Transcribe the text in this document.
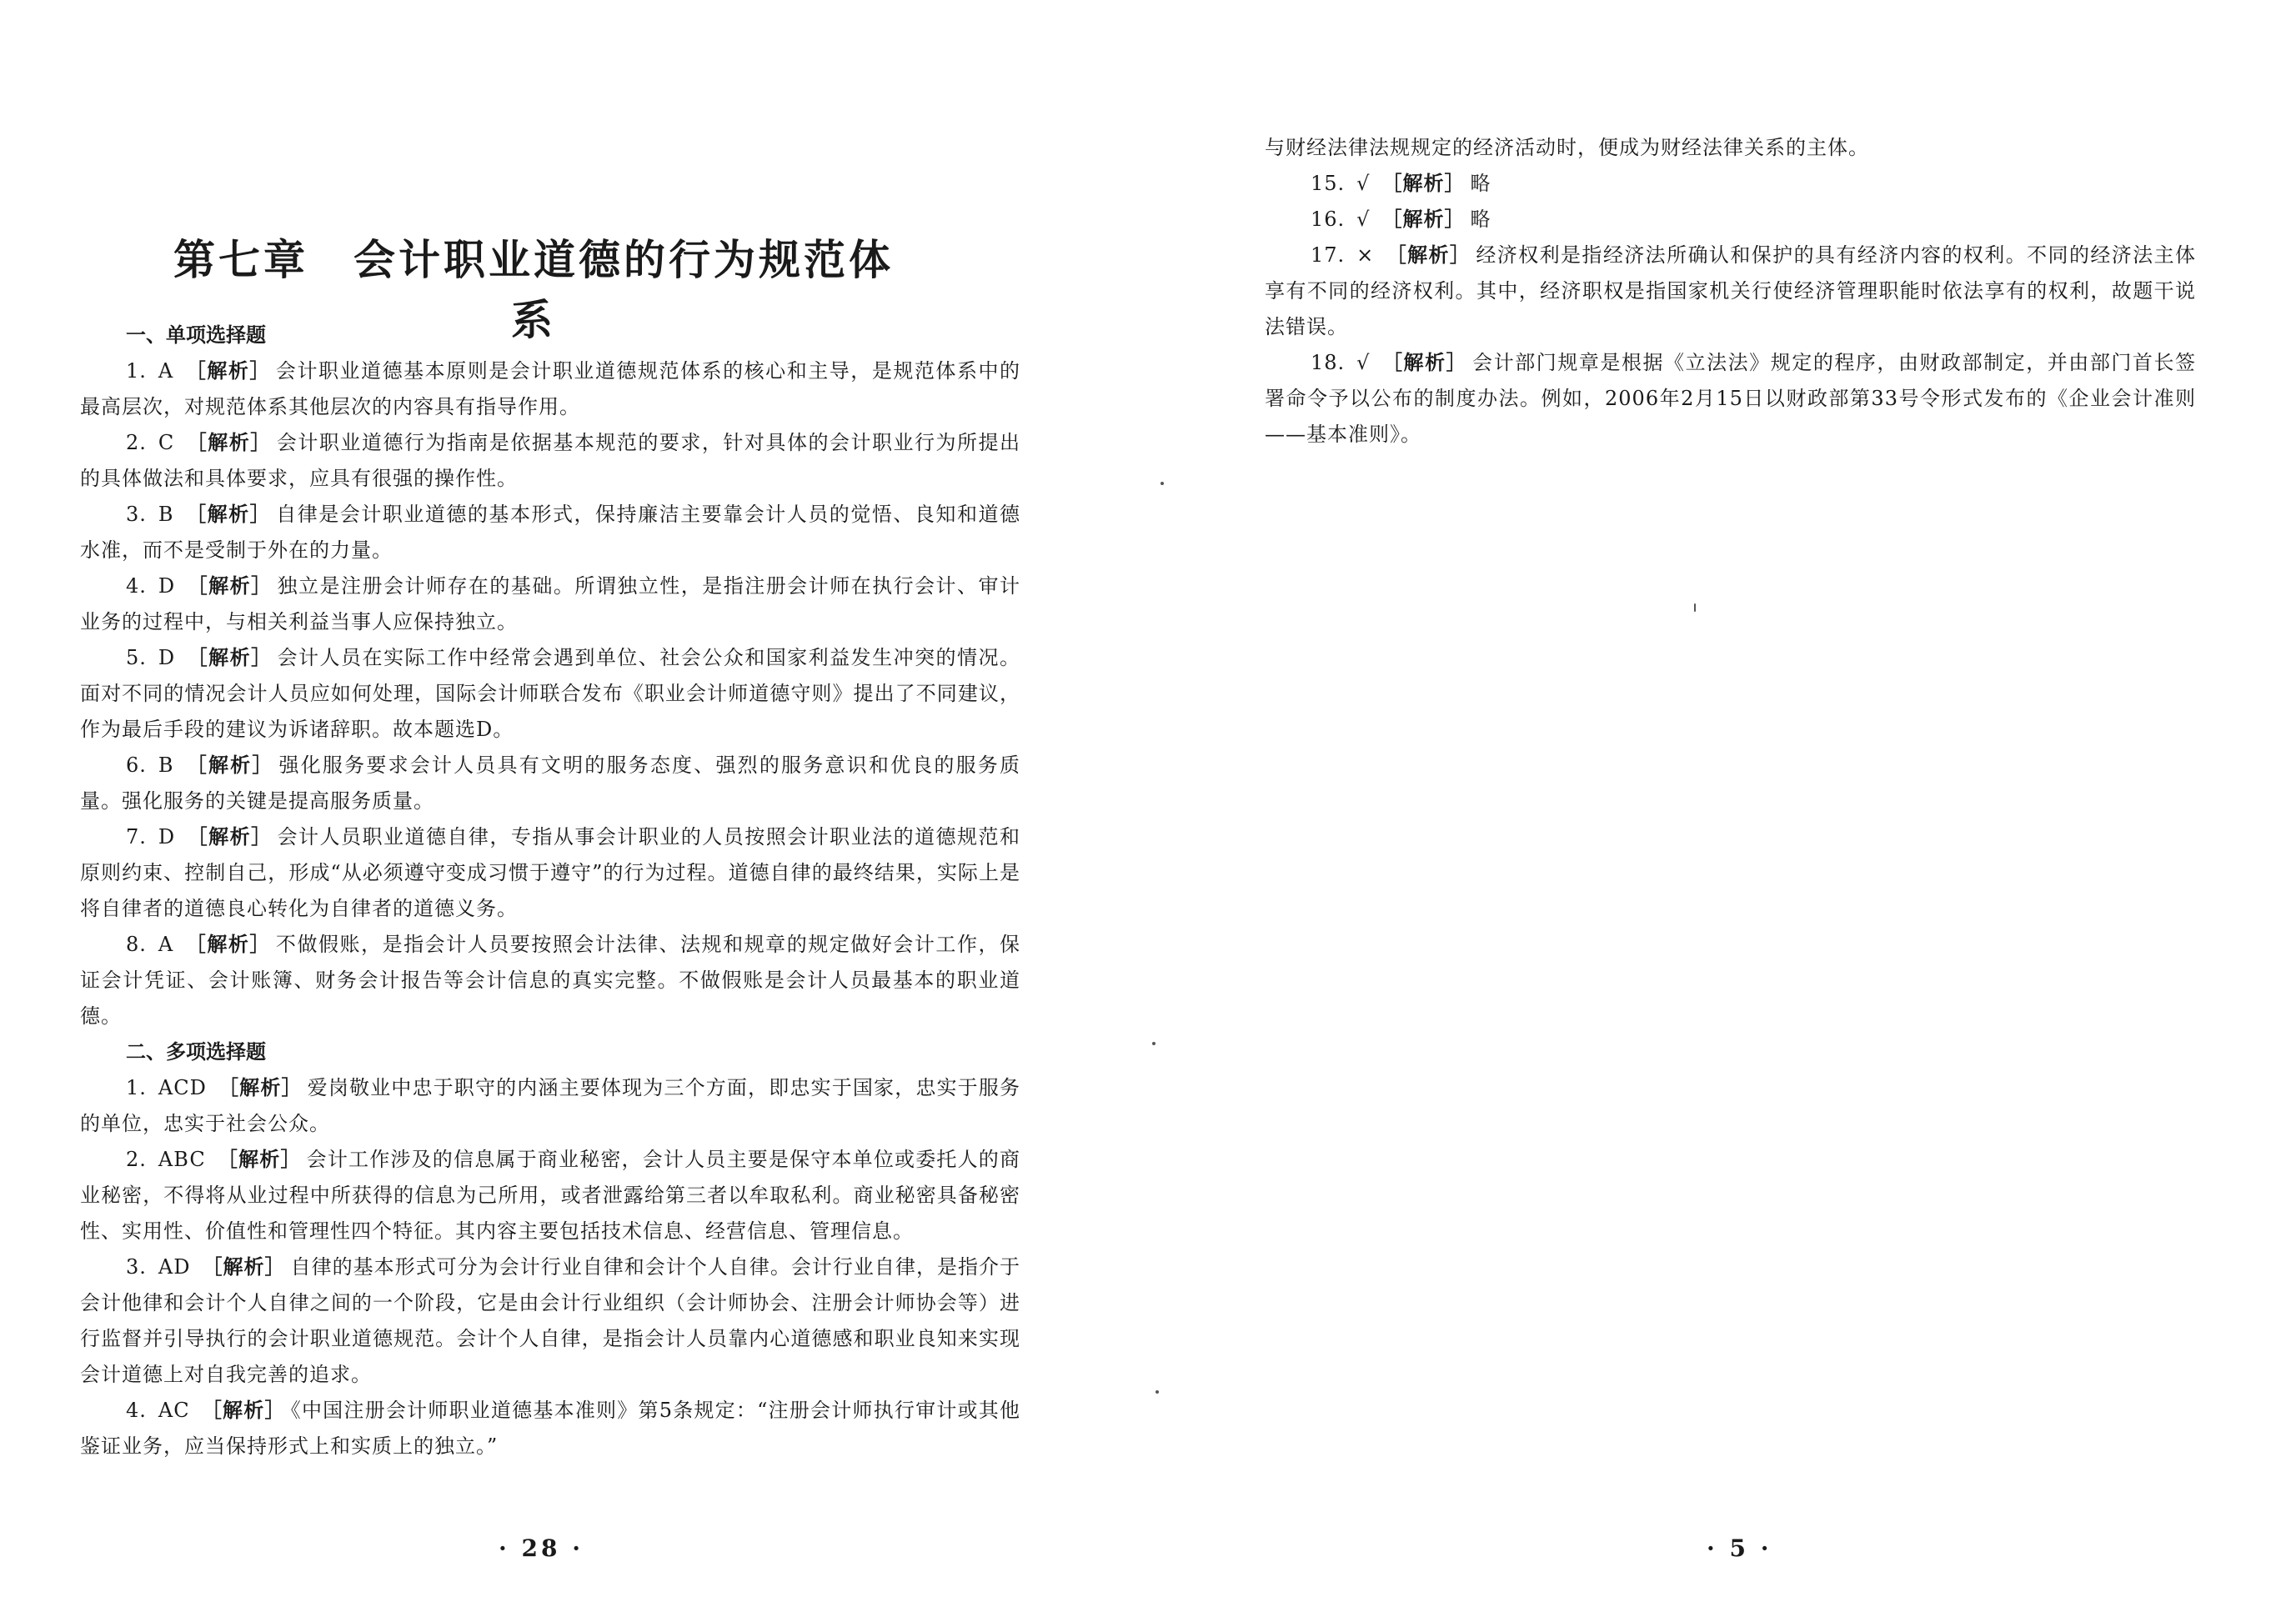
第七章　会计职业道德的行为规范体系
一、单项选择题
1. A ［解析］ 会计职业道德基本原则是会计职业道德规范体系的核心和主导，是规范体系中的最高层次，对规范体系其他层次的内容具有指导作用。
2. C ［解析］ 会计职业道德行为指南是依据基本规范的要求，针对具体的会计职业行为所提出的具体做法和具体要求，应具有很强的操作性。
3. B ［解析］ 自律是会计职业道德的基本形式，保持廉洁主要靠会计人员的觉悟、良知和道德水准，而不是受制于外在的力量。
4. D ［解析］ 独立是注册会计师存在的基础。所谓独立性，是指注册会计师在执行会计、审计业务的过程中，与相关利益当事人应保持独立。
5. D ［解析］ 会计人员在实际工作中经常会遇到单位、社会公众和国家利益发生冲突的情况。面对不同的情况会计人员应如何处理，国际会计师联合发布《职业会计师道德守则》提出了不同建议，作为最后手段的建议为诉诸辞职。故本题选D。
6. B ［解析］ 强化服务要求会计人员具有文明的服务态度、强烈的服务意识和优良的服务质量。强化服务的关键是提高服务质量。
7. D ［解析］ 会计人员职业道德自律，专指从事会计职业的人员按照会计职业法的道德规范和原则约束、控制自己，形成“从必须遵守变成习惯于遵守”的行为过程。道德自律的最终结果，实际上是将自律者的道德良心转化为自律者的道德义务。
8. A ［解析］ 不做假账，是指会计人员要按照会计法律、法规和规章的规定做好会计工作，保证会计凭证、会计账簿、财务会计报告等会计信息的真实完整。不做假账是会计人员最基本的职业道德。
二、多项选择题
1. ACD ［解析］ 爱岗敬业中忠于职守的内涵主要体现为三个方面，即忠实于国家，忠实于服务的单位，忠实于社会公众。
2. ABC ［解析］ 会计工作涉及的信息属于商业秘密，会计人员主要是保守本单位或委托人的商业秘密，不得将从业过程中所获得的信息为己所用，或者泄露给第三者以牟取私利。商业秘密具备秘密性、实用性、价值性和管理性四个特征。其内容主要包括技术信息、经营信息、管理信息。
3. AD ［解析］ 自律的基本形式可分为会计行业自律和会计个人自律。会计行业自律，是指介于会计他律和会计个人自律之间的一个阶段，它是由会计行业组织（会计师协会、注册会计师协会等）进行监督并引导执行的会计职业道德规范。会计个人自律，是指会计人员靠内心道德感和职业良知来实现会计道德上对自我完善的追求。
4. AC ［解析］ 《中国注册会计师职业道德基本准则》第5条规定：“注册会计师执行审计或其他鉴证业务，应当保持形式上和实质上的独立。”
· 28 ·
与财经法律法规规定的经济活动时，便成为财经法律关系的主体。
15. √ ［解析］ 略
16. √ ［解析］ 略
17. × ［解析］ 经济权利是指经济法所确认和保护的具有经济内容的权利。不同的经济法主体享有不同的经济权利。其中，经济职权是指国家机关行使经济管理职能时依法享有的权利，故题干说法错误。
18. √ ［解析］ 会计部门规章是根据《立法法》规定的程序，由财政部制定，并由部门首长签署命令予以公布的制度办法。例如，2006年2月15日以财政部第33号令形式发布的《企业会计准则——基本准则》。
· 5 ·
